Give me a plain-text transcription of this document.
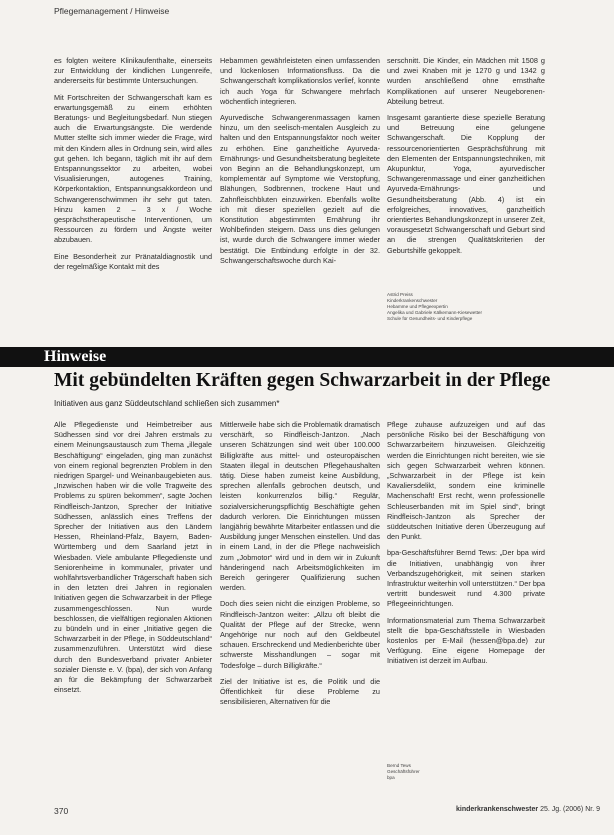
Pflegemanagement / Hinweise

es folgten weitere Klinikaufenthalte, einerseits zur Entwicklung der kindlichen Lungenreife, andererseits für bestimmte Untersuchungen.

Mit Fortschreiten der Schwangerschaft kam es erwartungsgemäß zu einem erhöhten Beratungs- und Begleitungsbedarf. Nun stiegen auch die Erwartungsängste. Die werdende Mutter stellte sich immer wieder die Frage, wird mit den Kindern alles in Ordnung sein, wird alles gut gehen. Ich begann, täglich mit ihr auf dem Entspannungssektor zu arbeiten, wobei Visualisierungen, autogenes Training, Körperkontaktion, Entspannungsakkordeon und Schwangerenschwimmen ihr sehr gut taten. Hinzu kamen 2 – 3 x / Woche gesprächstherapeutische Interventionen, um Ressourcen zu fördern und Ängste weiter abzubauen.

Eine Besonderheit zur Pränataldiagnostik und der regelmäßige Kontakt mit des

Hebammen gewährleisteten einen umfassenden und lückenlosen Informationsfluss. Da die Schwangerschaft komplikationslos verlief, konnte ich auch Yoga für Schwangere mehrfach wöchentlich integrieren.

Ayurvedische Schwangerenmassagen kamen hinzu, um den seelisch-mentalen Ausgleich zu halten und den Entspannungsfaktor noch weiter zu erhöhen. Eine ganzheitliche Ayurveda-Ernährungs- und Gesundheitsberatung begleitete von Beginn an die Behandlungskonzept, um komplementär auf Symptome wie Verstopfung, Blähungen, Sodbrennen, trockene Haut und Zahnfleischbluten einzuwirken. Ebenfalls wollte ich mit dieser speziellen gezielt auf die Konstitution abgestimmten Ernährung ihr Wohlbefinden steigern. Dass uns dies gelungen ist, wurde durch die Schwangere immer wieder bestätigt. Die Entbindung erfolgte in der 32. Schwangerschaftswoche durch Kai-

serschnitt. Die Kinder, ein Mädchen mit 1508 g und zwei Knaben mit je 1270 g und 1342 g wurden anschließend ohne ernsthafte Komplikationen auf unserer Neugeborenen-Abteilung betreut.

Insgesamt garantierte diese spezielle Beratung und Betreuung eine gelungene Schwangerschaft. Die Kopplung der ressourcenorientierten Gesprächsführung mit den Elementen der Entspannungstechniken, mit Akupunktur, Yoga, ayurvedischer Schwangerenmassage und einer ganzheitlichen Ayurveda-Ernährungs- und Gesundheitsberatung (Abb. 4) ist ein erfolgreiches, innovatives, ganzheitlich orientiertes Behandlungskonzept in unserer Zeit, vorausgesetzt Schwangerschaft und Geburt sind an die strengen Qualitätskriterien der Geburtshilfe gekoppelt.

Astrid Preiss
Kinderkrankenschwester
Hebamme und Pflegeexpertin
Angelika und Gabriele Kälkemann-Kiesewetter
Schule für Gesundheits- und Kinderpflege
Hinweise
Mit gebündelten Kräften gegen Schwarzarbeit in der Pflege
Initiativen aus ganz Süddeutschland schließen sich zusammen*

Alle Pflegedienste und Heimbetreiber aus Südhessen sind vor drei Jahren erstmals zu einem Meinungsaustausch zum Thema „illegale Beschäftigung“ eingeladen, ging man zunächst von einem regional begrenzten Problem in den niedrigen Spargel- und Weinanbaugebieten aus. „Inzwischen haben wir die volle Tragweite des Problems zu spüren bekommen“, sagte Jochen Rindfleisch-Jantzon, Sprecher der Initiative Südhessen, anlässlich eines Treffens der Sprecher der Initiativen aus den Ländern Hessen, Rheinland-Pfalz, Bayern, Baden-Württemberg und dem Saarland jetzt in Wiesbaden. Viele ambulante Pflegedienste und Seniorenheime in kommunaler, privater und wohlfahrtsverbandlicher Trägerschaft haben sich in den letzten drei Jahren in regionalen Initiativen gegen die Schwarzarbeit in der Pflege zusammengeschlossen. Nun wurde beschlossen, die vielfältigen regionalen Aktionen zu bündeln und in einer „Initiative gegen die Schwarzarbeit in der Pflege, in Süddeutschland“ zusammenzuführen. Unterstützt wird diese durch den Bundesverband privater Anbieter sozialer Dienste e. V. (bpa), der sich von Anfang an für die Bekämpfung der Schwarzarbeit einsetzt.

Mittlerweile habe sich die Problematik dramatisch verschärft, so Rindfleisch-Jantzon. „Nach unseren Schätzungen sind weit über 100.000 Billigkräfte aus mittel- und osteuropäischen Staaten illegal in deutschen Pflegehaushalten tätig. Diese haben zumeist keine Ausbildung, sprechen allenfalls gebrochen deutsch, und leisten konkurrenzlos billig.“ Regulär, sozialversicherungspflichtig Beschäftigte gehen dadurch verloren. Die Einrichtungen müssen langjährig bewährte Mitarbeiter entlassen und die Ausbildung junger Menschen einstellen. Und das in einem Land, in der die Pflege nachweislich zum „Jobmotor“ wird und in dem wir in Zukunft händeringend nach Arbeitsmöglichkeiten im Bereich geringerer Qualifizierung suchen werden.

Doch dies seien nicht die einzigen Probleme, so Rindfleisch-Jantzon weiter: „Allzu oft bleibt die Qualität der Pflege auf der Strecke, wenn Angehörige nur noch auf den Geldbeutel schauen. Erschreckend und Medienberichte über schwerste Misshandlungen – sogar mit Todesfolge – durch Billigkräfte.“

Ziel der Initiative ist es, die Politik und die Öffentlichkeit für diese Probleme zu sensibilisieren, Alternativen für die

Pflege zuhause aufzuzeigen und auf das persönliche Risiko bei der Beschäftigung von Schwarzarbeitern hinzuweisen. Gleichzeitig werden die Einrichtungen nicht bereiten, wie sie sich gegen Schwarzarbeit wehren können. „Schwarzarbeit in der Pflege ist kein Kavaliersdelikt, sondern eine kriminelle Machenschaft! Erst recht, wenn professionelle Schleuserbanden mit im Spiel sind“, bringt Rindfleisch-Jantzon als Sprecher der süddeutschen Initiative deren Überzeugung auf den Punkt.

bpa-Geschäftsführer Bernd Tews: „Der bpa wird die Initiativen, unabhängig von ihrer Verbandszugehörigkeit, mit seinen starken Infrastruktur weiterhin voll unterstützen.“ Der bpa vertritt bundesweit rund 4.300 private Pflegeeinrichtungen.

Informationsmaterial zum Thema Schwarzarbeit stellt die bpa-Geschäftsstelle in Wiesbaden kostenlos per E-Mail (hessen@bpa.de) zur Verfügung. Eine eigene Homepage der Initiativen ist derzeit im Aufbau.

Bernd Tews
Geschäftsführer
bpa
370	kinderkrankenschwester 25. Jg. (2006) Nr. 9
